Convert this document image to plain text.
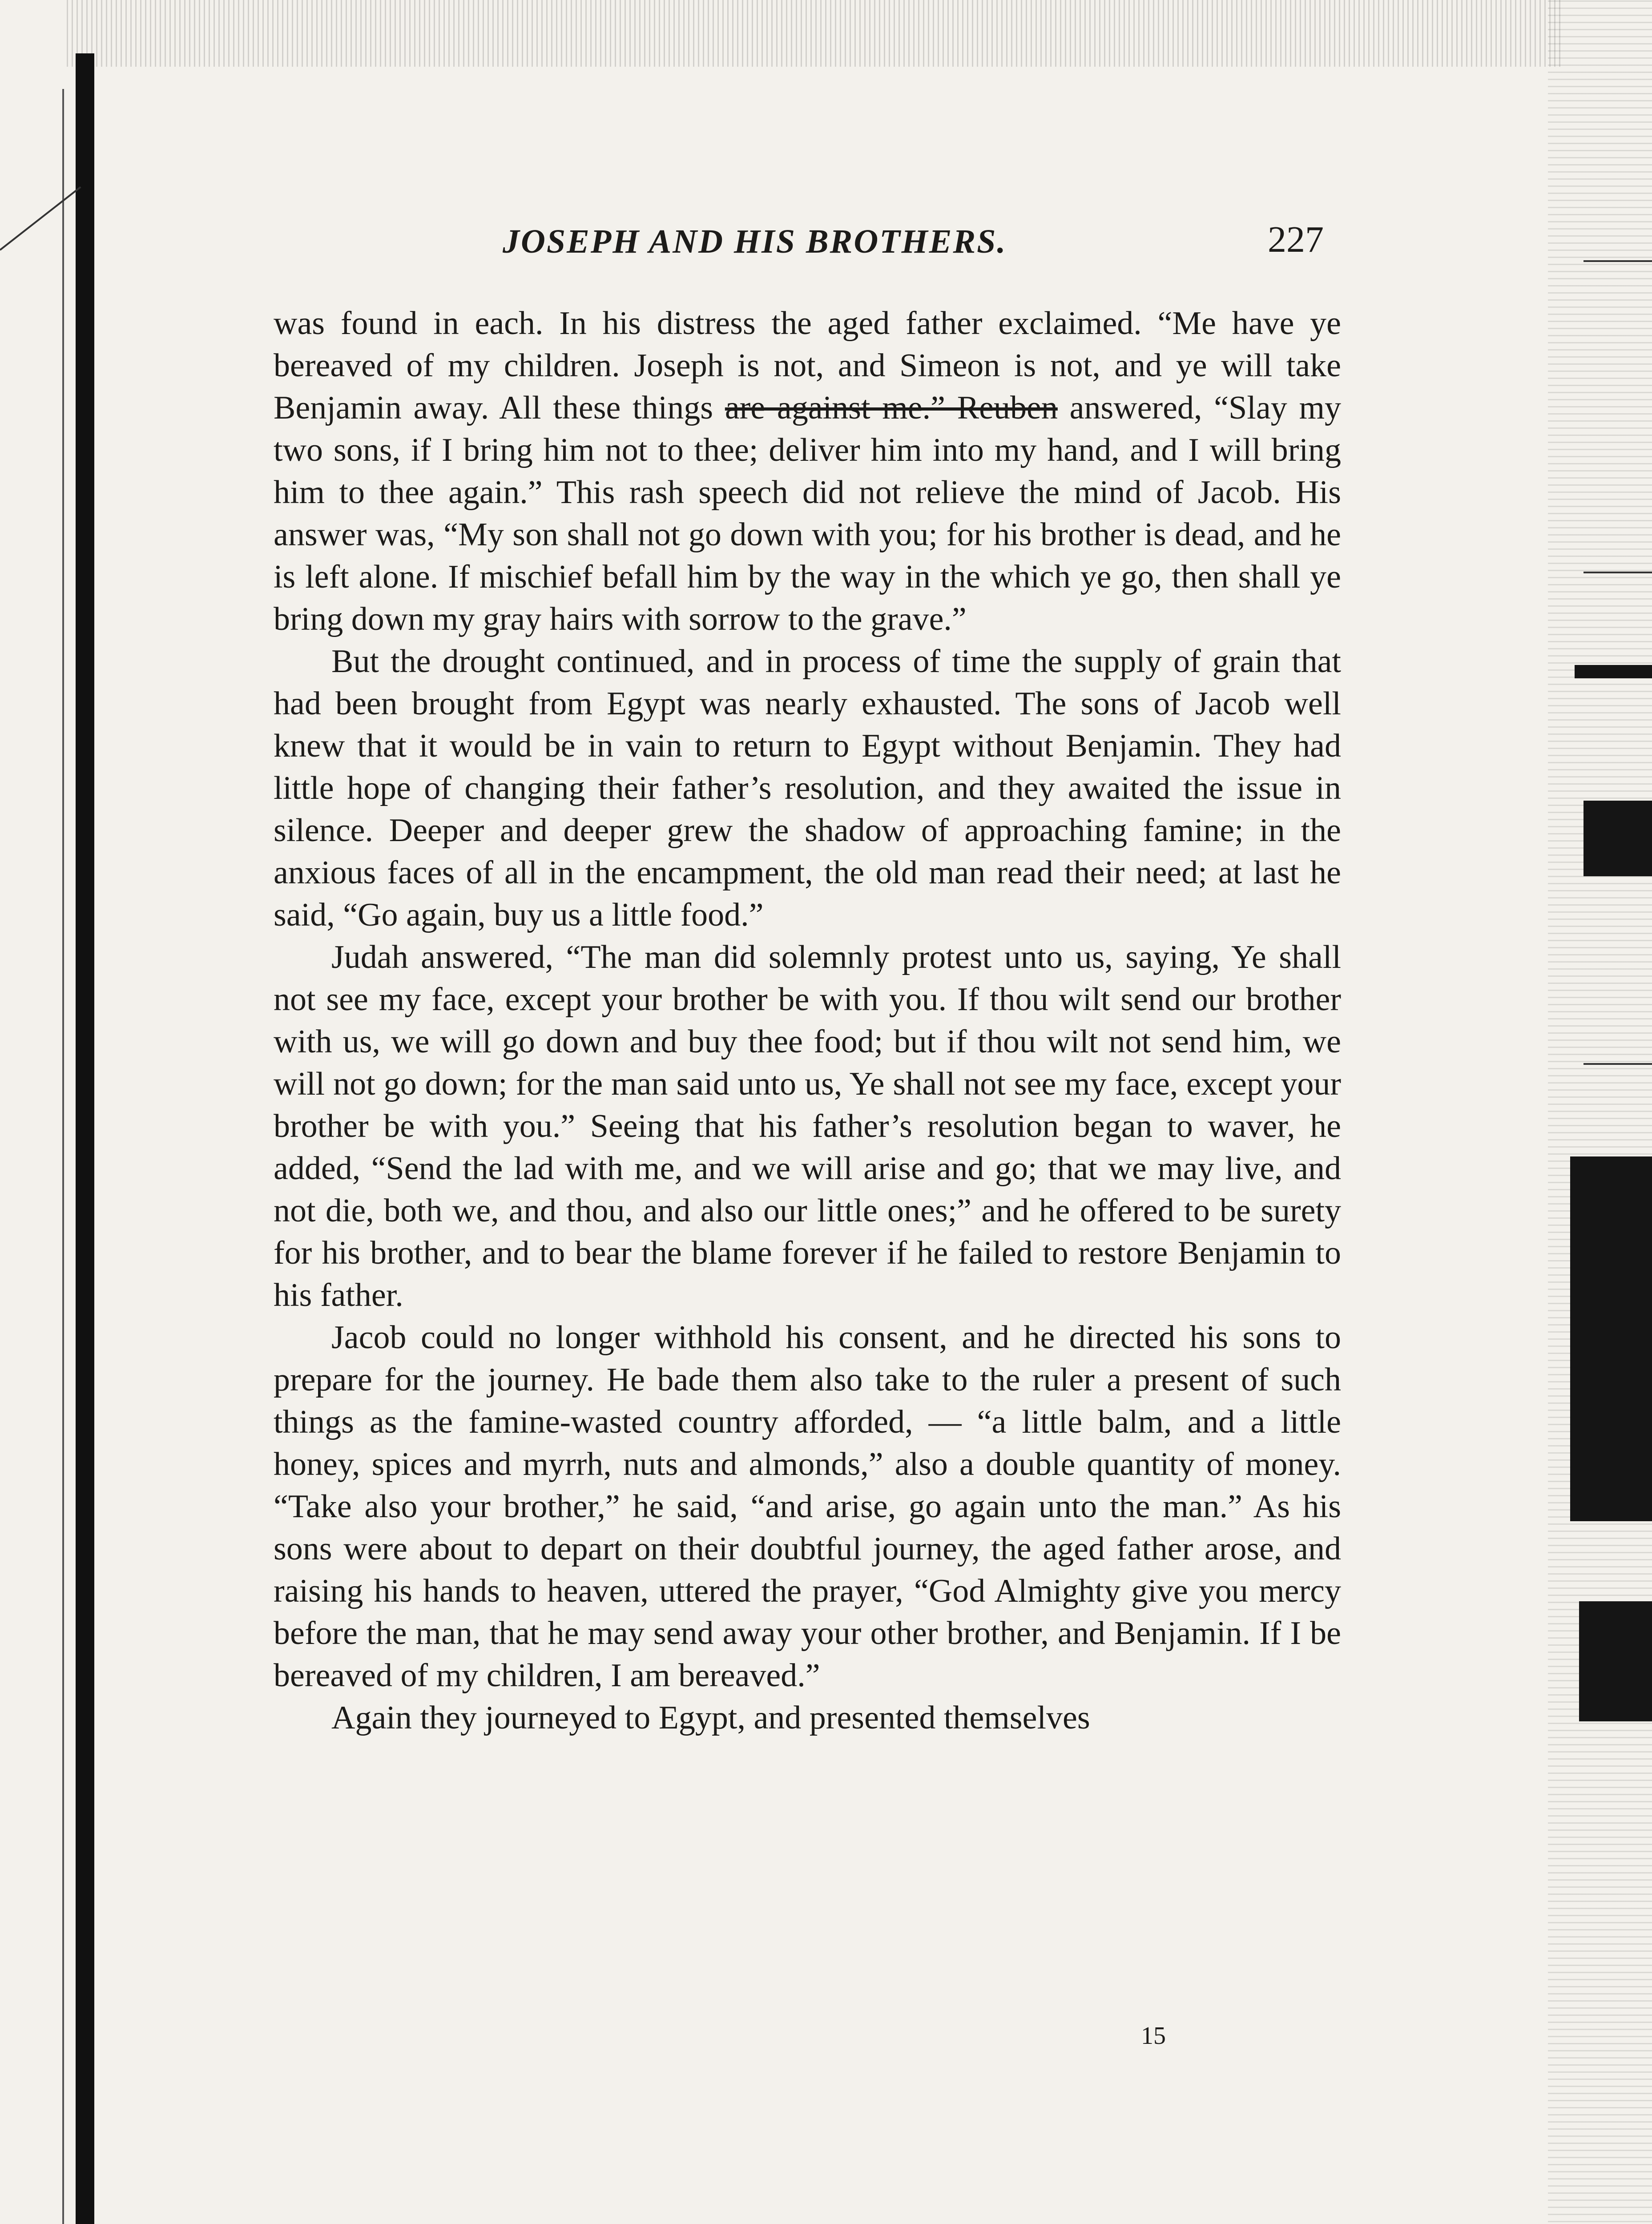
JOSEPH AND HIS BROTHERS.	227

was found in each. In his distress the aged father exclaimed. “Me have ye bereaved of my children. Joseph is not, and Simeon is not, and ye will take Benjamin away. All these things are against me.” Reuben answered, “Slay my two sons, if I bring him not to thee; deliver him into my hand, and I will bring him to thee again.” This rash speech did not relieve the mind of Jacob. His answer was, “My son shall not go down with you; for his brother is dead, and he is left alone. If mischief befall him by the way in the which ye go, then shall ye bring down my gray hairs with sorrow to the grave.”

But the drought continued, and in process of time the supply of grain that had been brought from Egypt was nearly exhausted. The sons of Jacob well knew that it would be in vain to return to Egypt without Benjamin. They had little hope of changing their father’s resolution, and they awaited the issue in silence. Deeper and deeper grew the shadow of approaching famine; in the anxious faces of all in the encampment, the old man read their need; at last he said, “Go again, buy us a little food.”

Judah answered, “The man did solemnly protest unto us, saying, Ye shall not see my face, except your brother be with you. If thou wilt send our brother with us, we will go down and buy thee food; but if thou wilt not send him, we will not go down; for the man said unto us, Ye shall not see my face, except your brother be with you.” Seeing that his father’s resolution began to waver, he added, “Send the lad with me, and we will arise and go; that we may live, and not die, both we, and thou, and also our little ones;” and he offered to be surety for his brother, and to bear the blame forever if he failed to restore Benjamin to his father.

Jacob could no longer withhold his consent, and he directed his sons to prepare for the journey. He bade them also take to the ruler a present of such things as the famine-wasted country afforded, — “a little balm, and a little honey, spices and myrrh, nuts and almonds,” also a double quantity of money. “Take also your brother,” he said, “and arise, go again unto the man.” As his sons were about to depart on their doubtful journey, the aged father arose, and raising his hands to heaven, uttered the prayer, “God Almighty give you mercy before the man, that he may send away your other brother, and Benjamin. If I be bereaved of my children, I am bereaved.”

Again they journeyed to Egypt, and presented themselves

15
